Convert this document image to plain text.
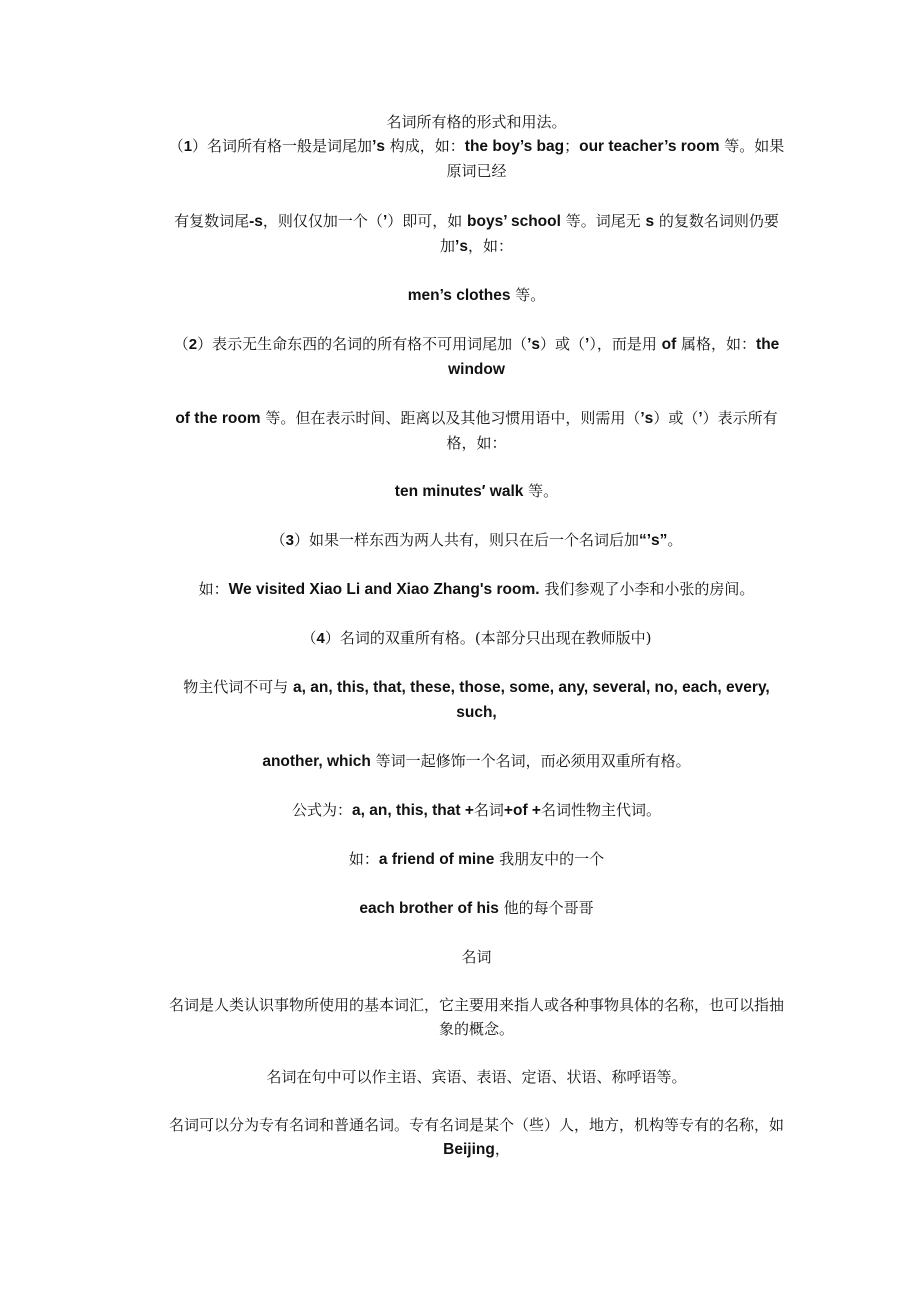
名词所有格的形式和用法。

（1）名词所有格一般是词尾加’s 构成，如：the boy’s bag；our teacher’s room 等。如果原词已经

有复数词尾-s，则仅仅加一个（’）即可，如 boys’ school 等。词尾无 s 的复数名词则仍要加’s，如：

men’s clothes 等。

（2）表示无生命东西的名词的所有格不可用词尾加（’s）或（’），而是用 of 属格，如：the window

of the room 等。但在表示时间、距离以及其他习惯用语中，则需用（’s）或（’）表示所有格，如：

ten minutes′ walk 等。

（3）如果一样东西为两人共有，则只在后一个名词后加“’s”。

如：We visited Xiao Li and Xiao Zhang's room. 我们参观了小李和小张的房间。

（4）名词的双重所有格。(本部分只出现在教师版中)

物主代词不可与 a, an, this, that, these, those, some, any, several, no, each, every, such,

another, which 等词一起修饰一个名词，而必须用双重所有格。

公式为：a, an, this, that +名词+of +名词性物主代词。

如：a friend of mine 我朋友中的一个

each brother of his 他的每个哥哥

名词

名词是人类认识事物所使用的基本词汇，它主要用来指人或各种事物具体的名称，也可以指抽象的概念。

名词在句中可以作主语、宾语、表语、定语、状语、称呼语等。

名词可以分为专有名词和普通名词。专有名词是某个（些）人，地方，机构等专有的名称，如 Beijing，
